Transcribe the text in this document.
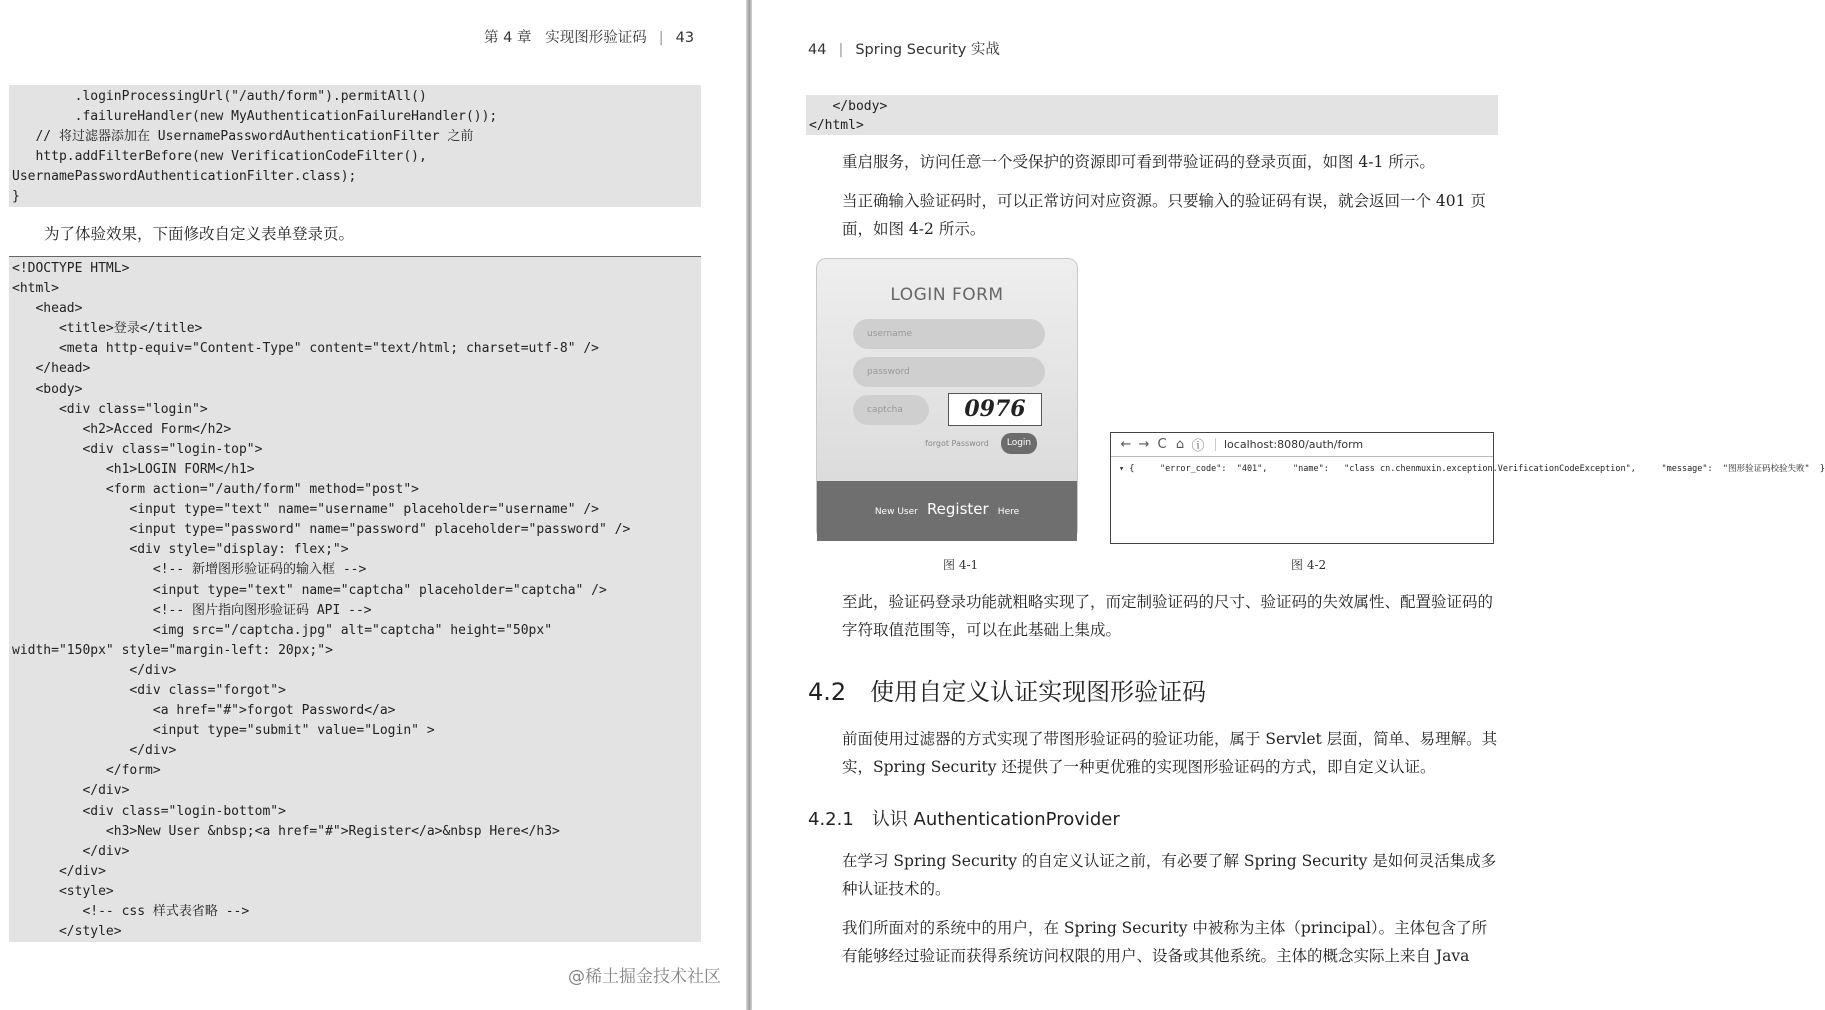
第 4 章 实现图形验证码 | 43
.loginProcessingUrl("/auth/form").permitAll()
.failureHandler(new MyAuthenticationFailureHandler());
// 将过滤器添加在 UsernamePasswordAuthenticationFilter 之前
http.addFilterBefore(new VerificationCodeFilter(),
UsernamePasswordAuthenticationFilter.class);
}
为了体验效果，下面修改自定义表单登录页。
<!DOCTYPE HTML>
<html>
<head>
<title>登录</title>
<meta http-equiv="Content-Type" content="text/html; charset=utf-8" />
</head>
<body>
<div class="login">
<h2>Acced Form</h2>
<div class="login-top">
<h1>LOGIN FORM</h1>
<form action="/auth/form" method="post">
<input type="text" name="username" placeholder="username" />
<input type="password" name="password" placeholder="password" />
<div style="display: flex;">
<!-- 新增图形验证码的输入框 -->
<input type="text" name="captcha" placeholder="captcha" />
<!-- 图片指向图形验证码 API -->
<img src="/captcha.jpg" alt="captcha" height="50px"
width="150px" style="margin-left: 20px;">
</div>
<div class="forgot">
<a href="#">forgot Password</a>
<input type="submit" value="Login" >
</div>
</form>
</div>
<div class="login-bottom">
<h3>New User &nbsp;<a href="#">Register</a>&nbsp Here</h3>
</div>
</div>
<style>
<!-- css 样式表省略 -->
</style>
44 | Spring Security 实战
</body>
</html>
重启服务，访问任意一个受保护的资源即可看到带验证码的登录页面，如图 4-1 所示。
当正确输入验证码时，可以正常访问对应资源。只要输入的验证码有误，就会返回一个 401 页面，如图 4-2 所示。
LOGIN FORM
username
password
captcha	0976
forgot Password	Login
New User Register Here
← → C ⌂ ⓘ	localhost:8080/auth/form
▾ {     "error_code":  "401",     "name":   "class cn.chenmuxin.exception.VerificationCodeException",     "message":  "图形验证码校验失败"  }
图 4-1	图 4-2
至此，验证码登录功能就粗略实现了，而定制验证码的尺寸、验证码的失效属性、配置验证码的字符取值范围等，可以在此基础上集成。
4.2 使用自定义认证实现图形验证码
前面使用过滤器的方式实现了带图形验证码的验证功能，属于 Servlet 层面，简单、易理解。其实，Spring Security 还提供了一种更优雅的实现图形验证码的方式，即自定义认证。
4.2.1 认识 AuthenticationProvider
在学习 Spring Security 的自定义认证之前，有必要了解 Spring Security 是如何灵活集成多种认证技术的。
我们所面对的系统中的用户，在 Spring Security 中被称为主体（principal）。主体包含了所有能够经过验证而获得系统访问权限的用户、设备或其他系统。主体的概念实际上来自 Java
@稀土掘金技术社区
